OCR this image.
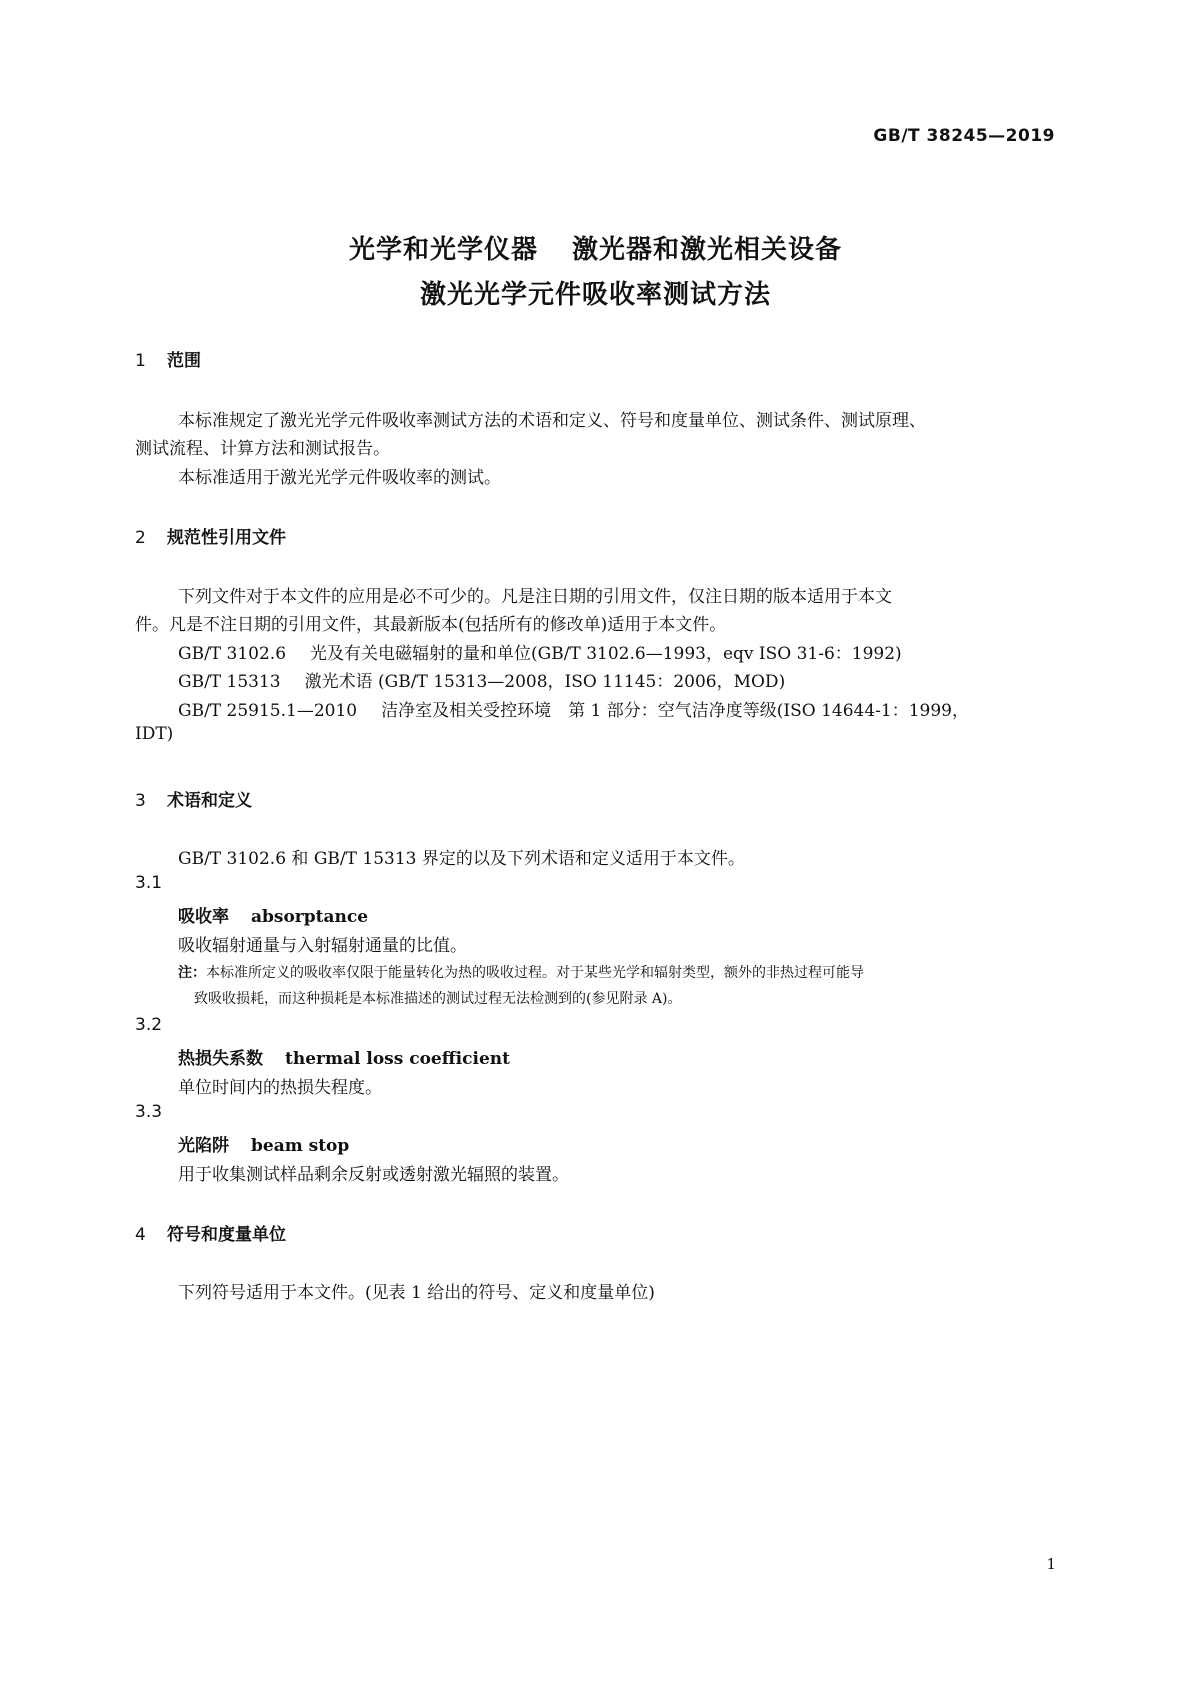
GB/T 38245—2019
光学和光学仪器 激光器和激光相关设备
激光光学元件吸收率测试方法
1 范围
本标准规定了激光光学元件吸收率测试方法的术语和定义、符号和度量单位、测试条件、测试原理、
测试流程、计算方法和测试报告。
本标准适用于激光光学元件吸收率的测试。
2 规范性引用文件
下列文件对于本文件的应用是必不可少的。凡是注日期的引用文件，仅注日期的版本适用于本文
件。凡是不注日期的引用文件，其最新版本(包括所有的修改单)适用于本文件。
GB/T 3102.6 光及有关电磁辐射的量和单位(GB/T 3102.6—1993，eqv ISO 31-6：1992)
GB/T 15313 激光术语 (GB/T 15313—2008，ISO 11145：2006，MOD)
GB/T 25915.1—2010 洁净室及相关受控环境　第 1 部分：空气洁净度等级(ISO 14644-1：1999，
IDT)
3 术语和定义
GB/T 3102.6 和 GB/T 15313 界定的以及下列术语和定义适用于本文件。
3.1
吸收率 absorptance
吸收辐射通量与入射辐射通量的比值。
注：本标准所定义的吸收率仅限于能量转化为热的吸收过程。对于某些光学和辐射类型，额外的非热过程可能导
致吸收损耗，而这种损耗是本标准描述的测试过程无法检测到的(参见附录 A)。
3.2
热损失系数 thermal loss coefficient
单位时间内的热损失程度。
3.3
光陷阱 beam stop
用于收集测试样品剩余反射或透射激光辐照的装置。
4 符号和度量单位
下列符号适用于本文件。(见表 1 给出的符号、定义和度量单位)
1
